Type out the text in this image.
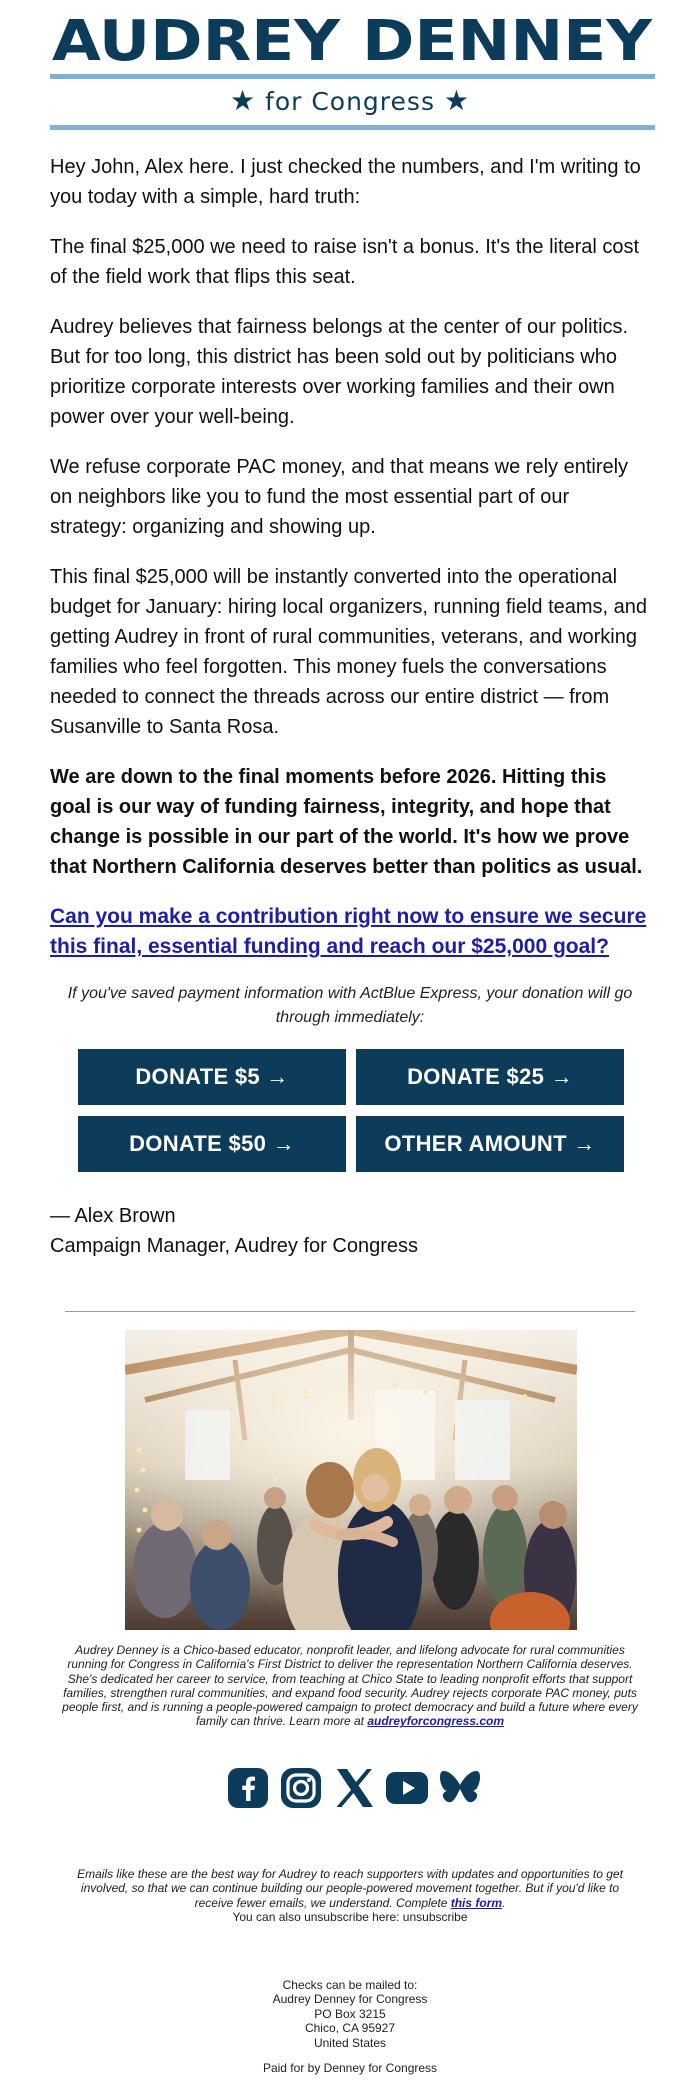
AUDREY DENNEY
★ for Congress ★
Hey John, Alex here. I just checked the numbers, and I'm writing to you today with a simple, hard truth:
The final $25,000 we need to raise isn't a bonus. It's the literal cost of the field work that flips this seat.
Audrey believes that fairness belongs at the center of our politics. But for too long, this district has been sold out by politicians who prioritize corporate interests over working families and their own power over your well-being.
We refuse corporate PAC money, and that means we rely entirely on neighbors like you to fund the most essential part of our strategy: organizing and showing up.
This final $25,000 will be instantly converted into the operational budget for January: hiring local organizers, running field teams, and getting Audrey in front of rural communities, veterans, and working families who feel forgotten. This money fuels the conversations needed to connect the threads across our entire district — from Susanville to Santa Rosa.
We are down to the final moments before 2026. Hitting this goal is our way of funding fairness, integrity, and hope that change is possible in our part of the world. It's how we prove that Northern California deserves better than politics as usual.
Can you make a contribution right now to ensure we secure this final, essential funding and reach our $25,000 goal?
If you've saved payment information with ActBlue Express, your donation will go through immediately:
DONATE $5 →	DONATE $25 →
DONATE $50 →	OTHER AMOUNT →
— Alex Brown
Campaign Manager, Audrey for Congress
Audrey Denney is a Chico-based educator, nonprofit leader, and lifelong advocate for rural communities running for Congress in California's First District to deliver the representation Northern California deserves. She's dedicated her career to service, from teaching at Chico State to leading nonprofit efforts that support families, strengthen rural communities, and expand food security. Audrey rejects corporate PAC money, puts people first, and is running a people-powered campaign to protect democracy and build a future where every family can thrive. Learn more at audreyforcongress.com
Emails like these are the best way for Audrey to reach supporters with updates and opportunities to get involved, so that we can continue building our people-powered movement together. But if you'd like to receive fewer emails, we understand. Complete this form.
You can also unsubscribe here: unsubscribe
Checks can be mailed to:
Audrey Denney for Congress
PO Box 3215
Chico, CA 95927
United States
Paid for by Denney for Congress
